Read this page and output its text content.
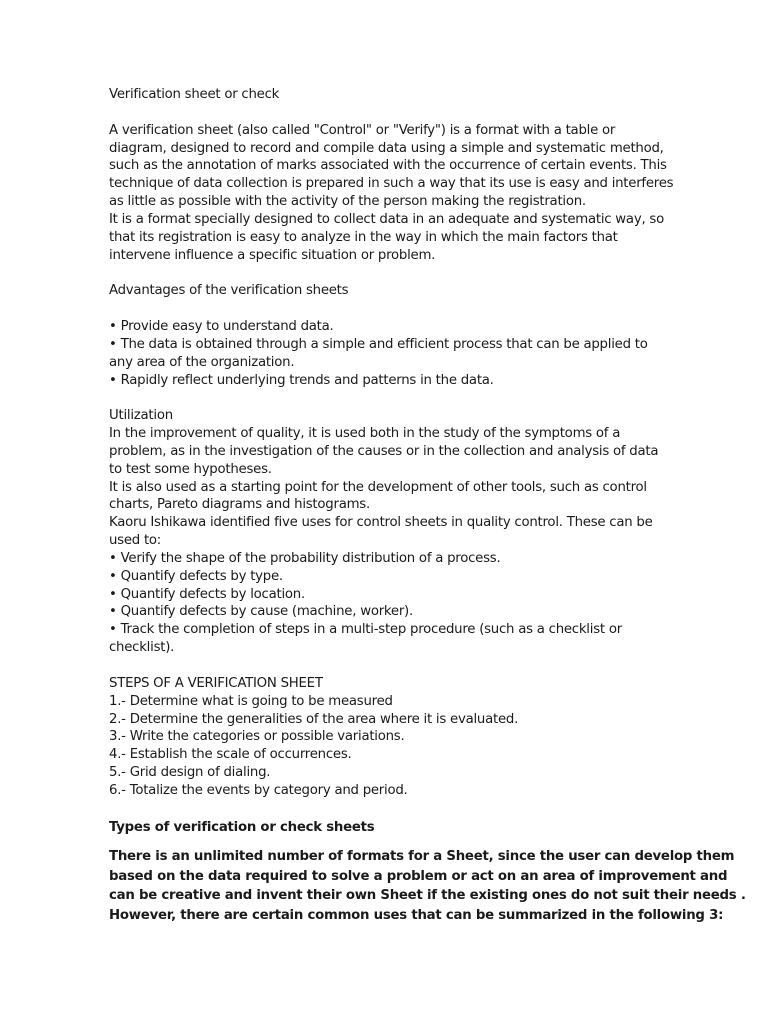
Verification sheet or check
A verification sheet (also called "Control" or "Verify") is a format with a table or
diagram, designed to record and compile data using a simple and systematic method,
such as the annotation of marks associated with the occurrence of certain events. This
technique of data collection is prepared in such a way that its use is easy and interferes
as little as possible with the activity of the person making the registration.
It is a format specially designed to collect data in an adequate and systematic way, so
that its registration is easy to analyze in the way in which the main factors that
intervene influence a specific situation or problem.
Advantages of the verification sheets
• Provide easy to understand data.
• The data is obtained through a simple and efficient process that can be applied to
any area of the organization.
• Rapidly reflect underlying trends and patterns in the data.
Utilization
In the improvement of quality, it is used both in the study of the symptoms of a
problem, as in the investigation of the causes or in the collection and analysis of data
to test some hypotheses.
It is also used as a starting point for the development of other tools, such as control
charts, Pareto diagrams and histograms.
Kaoru Ishikawa identified five uses for control sheets in quality control. These can be
used to:
• Verify the shape of the probability distribution of a process.
• Quantify defects by type.
• Quantify defects by location.
• Quantify defects by cause (machine, worker).
• Track the completion of steps in a multi-step procedure (such as a checklist or
checklist).
STEPS OF A VERIFICATION SHEET
1.- Determine what is going to be measured
2.- Determine the generalities of the area where it is evaluated.
3.- Write the categories or possible variations.
4.- Establish the scale of occurrences.
5.- Grid design of dialing.
6.- Totalize the events by category and period.
Types of verification or check sheets
There is an unlimited number of formats for a Sheet, since the user can develop them
based on the data required to solve a problem or act on an area of improvement and
can be creative and invent their own Sheet if the existing ones do not suit their needs .
However, there are certain common uses that can be summarized in the following 3:
